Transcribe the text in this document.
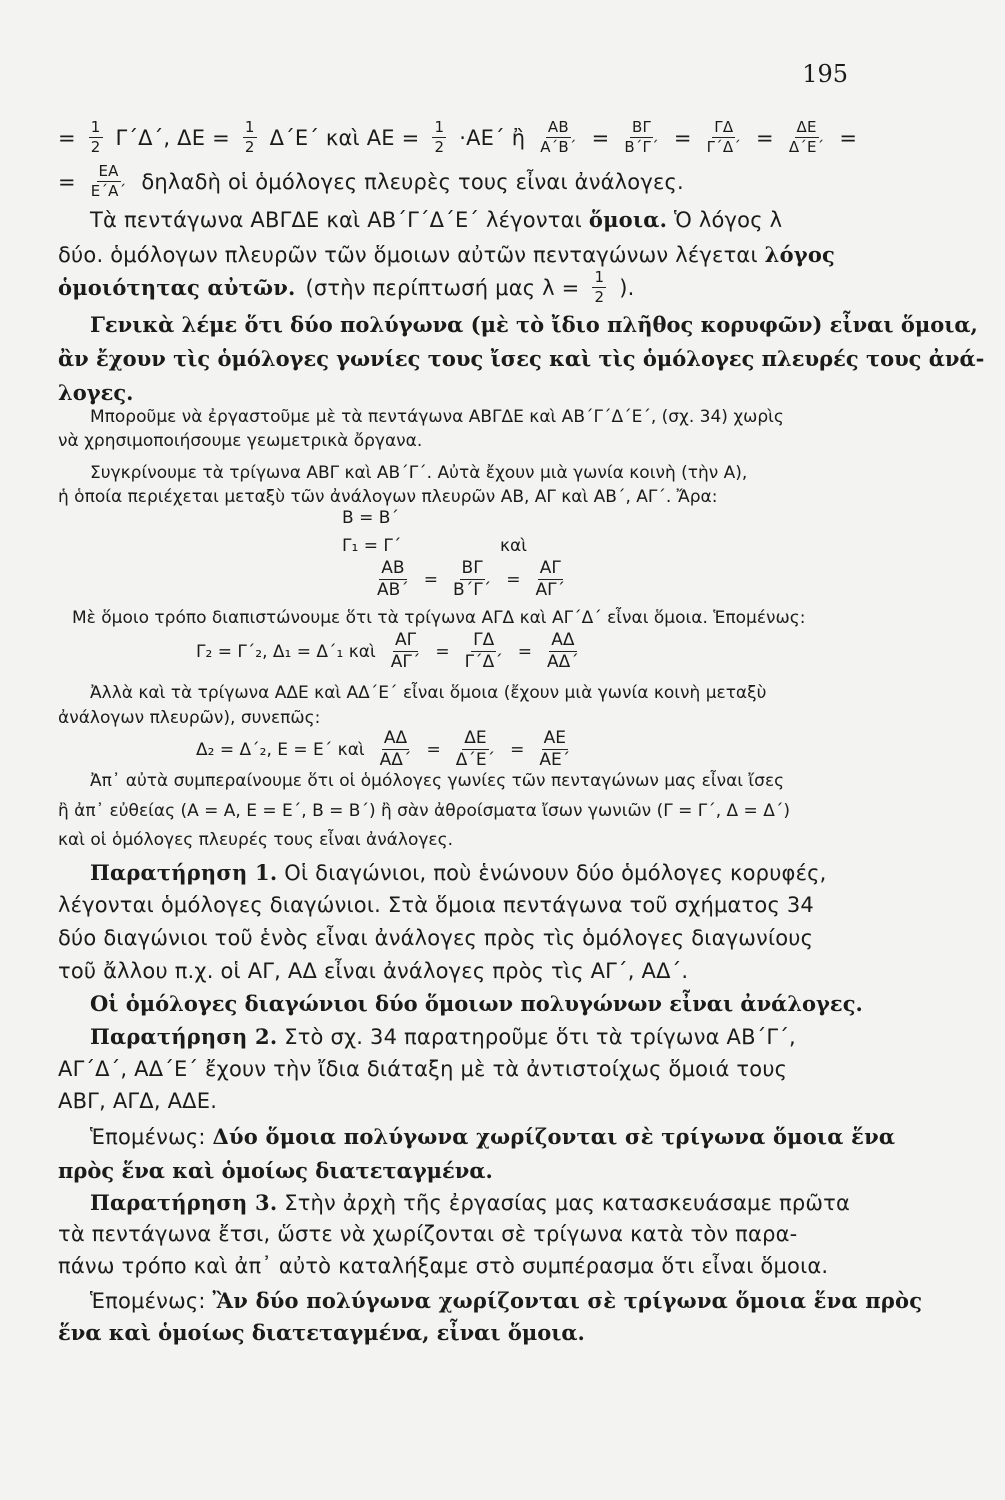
195
= $\frac{1}{2} \Gamma΄\Delta΄$, $\Delta E = \frac{1}{2} \Delta΄E΄$ καὶ $AE = \frac{1}{2} \cdot AE΄$ ἢ $\frac{AB}{A΄B΄} = \frac{B\Gamma}{B΄\Gamma΄} = \frac{\Gamma\Delta}{\Gamma΄\Delta΄} = \frac{\Delta E}{\Delta΄E΄}$ =
= $\frac{EA}{E΄A΄}$ δηλαδὴ οἱ ὁμόλογες πλευρὲς τους εἶναι ἀνάλογες.
Τὰ πεντάγωνα ΑΒΓΔΕ καὶ ΑΒ΄Γ΄Δ΄Ε΄ λέγονται ὅμοια. Ὁ λόγος λ
δύο. ὁμόλογων πλευρῶν τῶν ὅμοιων αὐτῶν πενταγώνων λέγεται λόγος
ὁμοιότητας αὐτῶν. (στὴν περίπτωσή μας $\lambda = \frac{1}{2}$ ).
Γενικὰ λέμε ὅτι δύο πολύγωνα (μὲ τὸ ἴδιο πλῆθος κορυφῶν) εἶναι ὅμοια,
ἂν ἔχουν τὶς ὁμόλογες γωνίες τους ἴσες καὶ τὶς ὁμόλογες πλευρές τους ἀνά-
λογες.
Μποροῦμε νὰ ἐργαστοῦμε μὲ τὰ πεντάγωνα ΑΒΓΔΕ καὶ ΑΒ΄Γ΄Δ΄Ε΄, (σχ. 34) χωρὶς
νὰ χρησιμοποιήσουμε γεωμετρικὰ ὄργανα.
Συγκρίνουμε τὰ τρίγωνα ΑΒΓ καὶ ΑΒ΄Γ΄. Αὐτὰ ἔχουν μιὰ γωνία κοινὴ (τὴν Α),
ἡ ὁποία περιέχεται μεταξὺ τῶν ἀνάλογων πλευρῶν ΑΒ, ΑΓ καὶ ΑΒ΄, ΑΓ΄. Ἄρα:
Β = Β΄
Γ₁ = Γ΄	καὶ
$\frac{AB}{AB΄} = \frac{B\Gamma}{B΄\Gamma΄} = \frac{A\Gamma}{A\Gamma΄}$
Μὲ ὅμοιο τρόπο διαπιστώνουμε ὅτι τὰ τρίγωνα ΑΓΔ καὶ ΑΓ΄Δ΄ εἶναι ὅμοια. Ἑπομένως:
Γ₂ = Γ΄₂, Δ₁ = Δ΄₁ καὶ $\frac{A\Gamma}{A\Gamma΄} = \frac{\Gamma\Delta}{\Gamma΄\Delta΄} = \frac{A\Delta}{A\Delta΄}$
Ἀλλὰ καὶ τὰ τρίγωνα ΑΔΕ καὶ ΑΔ΄Ε΄ εἶναι ὅμοια (ἔχουν μιὰ γωνία κοινὴ μεταξὺ
ἀνάλογων πλευρῶν), συνεπῶς:
Δ₂ = Δ΄₂, Ε = Ε΄ καὶ $\frac{A\Delta}{A\Delta΄} = \frac{\Delta E}{\Delta΄E΄} = \frac{AE}{AE΄}$
Ἀπ᾿ αὐτὰ συμπεραίνουμε ὅτι οἱ ὁμόλογες γωνίες τῶν πενταγώνων μας εἶναι ἴσες
ἢ ἀπ᾿ εὐθείας (Α = Α, Ε = Ε΄, Β = Β΄) ἢ σὰν ἀθροίσματα ἴσων γωνιῶν (Γ = Γ΄, Δ = Δ΄)
καὶ οἱ ὁμόλογες πλευρές τους εἶναι ἀνάλογες.
Παρατήρηση 1. Οἱ διαγώνιοι, ποὺ ἑνώνουν δύο ὁμόλογες κορυφές,
λέγονται ὁμόλογες διαγώνιοι. Στὰ ὅμοια πεντάγωνα τοῦ σχήματος 34
δύο διαγώνιοι τοῦ ἑνὸς εἶναι ἀνάλογες πρὸς τὶς ὁμόλογες διαγωνίους
τοῦ ἄλλου π.χ. οἱ ΑΓ, ΑΔ εἶναι ἀνάλογες πρὸς τὶς ΑΓ΄, ΑΔ΄.
Οἱ ὁμόλογες διαγώνιοι δύο ὅμοιων πολυγώνων εἶναι ἀνάλογες.
Παρατήρηση 2. Στὸ σχ. 34 παρατηροῦμε ὅτι τὰ τρίγωνα ΑΒ΄Γ΄,
ΑΓ΄Δ΄, ΑΔ΄Ε΄ ἔχουν τὴν ἴδια διάταξη μὲ τὰ ἀντιστοίχως ὅμοιά τους
ΑΒΓ, ΑΓΔ, ΑΔΕ.
Ἑπομένως: Δύο ὅμοια πολύγωνα χωρίζονται σὲ τρίγωνα ὅμοια ἕνα
πρὸς ἕνα καὶ ὁμοίως διατεταγμένα.
Παρατήρηση 3. Στὴν ἀρχὴ τῆς ἐργασίας μας κατασκευάσαμε πρῶτα
τὰ πεντάγωνα ἔτσι, ὥστε νὰ χωρίζονται σὲ τρίγωνα κατὰ τὸν παρα-
πάνω τρόπο καὶ ἀπ᾿ αὐτὸ καταλήξαμε στὸ συμπέρασμα ὅτι εἶναι ὅμοια.
Ἑπομένως: Ἂν δύο πολύγωνα χωρίζονται σὲ τρίγωνα ὅμοια ἕνα πρὸς
ἕνα καὶ ὁμοίως διατεταγμένα, εἶναι ὅμοια.
